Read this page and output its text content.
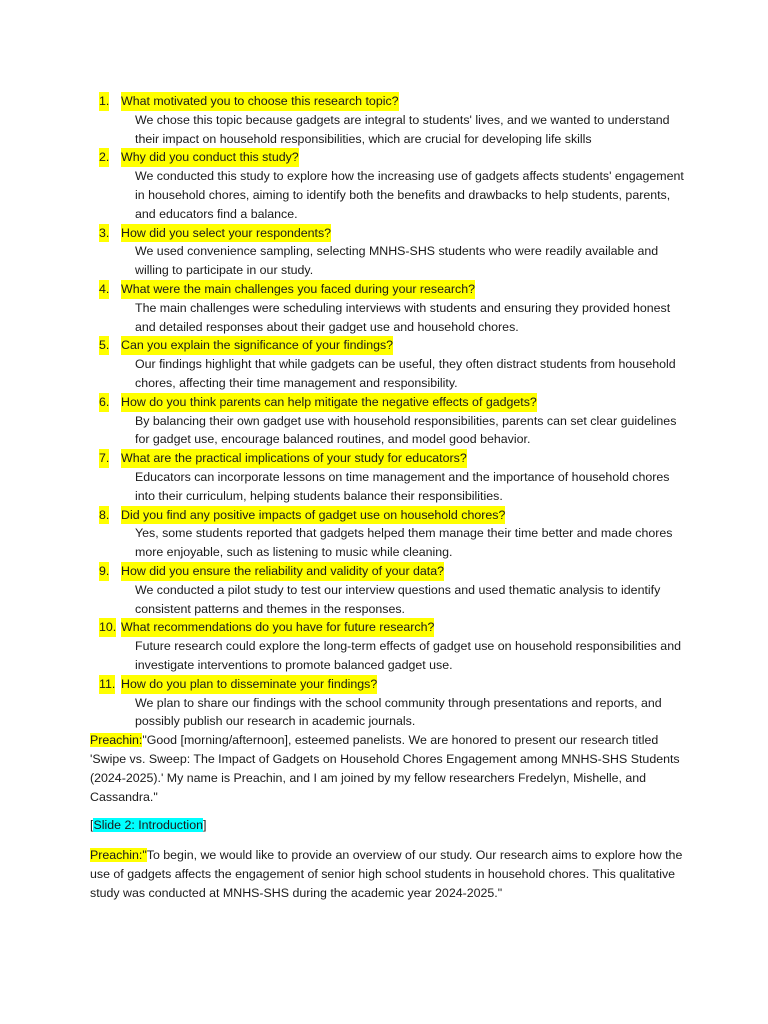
1. What motivated you to choose this research topic?
We chose this topic because gadgets are integral to students' lives, and we wanted to understand their impact on household responsibilities, which are crucial for developing life skills
2. Why did you conduct this study?
We conducted this study to explore how the increasing use of gadgets affects students' engagement in household chores, aiming to identify both the benefits and drawbacks to help students, parents, and educators find a balance.
3. How did you select your respondents?
We used convenience sampling, selecting MNHS-SHS students who were readily available and willing to participate in our study.
4. What were the main challenges you faced during your research?
The main challenges were scheduling interviews with students and ensuring they provided honest and detailed responses about their gadget use and household chores.
5. Can you explain the significance of your findings?
Our findings highlight that while gadgets can be useful, they often distract students from household chores, affecting their time management and responsibility.
6. How do you think parents can help mitigate the negative effects of gadgets?
By balancing their own gadget use with household responsibilities, parents can set clear guidelines for gadget use, encourage balanced routines, and model good behavior.
7. What are the practical implications of your study for educators?
Educators can incorporate lessons on time management and the importance of household chores into their curriculum, helping students balance their responsibilities.
8. Did you find any positive impacts of gadget use on household chores?
Yes, some students reported that gadgets helped them manage their time better and made chores more enjoyable, such as listening to music while cleaning.
9. How did you ensure the reliability and validity of your data?
We conducted a pilot study to test our interview questions and used thematic analysis to identify consistent patterns and themes in the responses.
10. What recommendations do you have for future research?
Future research could explore the long-term effects of gadget use on household responsibilities and investigate interventions to promote balanced gadget use.
11. How do you plan to disseminate your findings?
We plan to share our findings with the school community through presentations and reports, and possibly publish our research in academic journals.

Preachin:"Good [morning/afternoon], esteemed panelists. We are honored to present our research titled 'Swipe vs. Sweep: The Impact of Gadgets on Household Chores Engagement among MNHS-SHS Students (2024-2025).' My name is Preachin, and I am joined by my fellow researchers Fredelyn, Mishelle, and Cassandra."

[Slide 2: Introduction]

Preachin:"To begin, we would like to provide an overview of our study. Our research aims to explore how the use of gadgets affects the engagement of senior high school students in household chores. This qualitative study was conducted at MNHS-SHS during the academic year 2024-2025."
